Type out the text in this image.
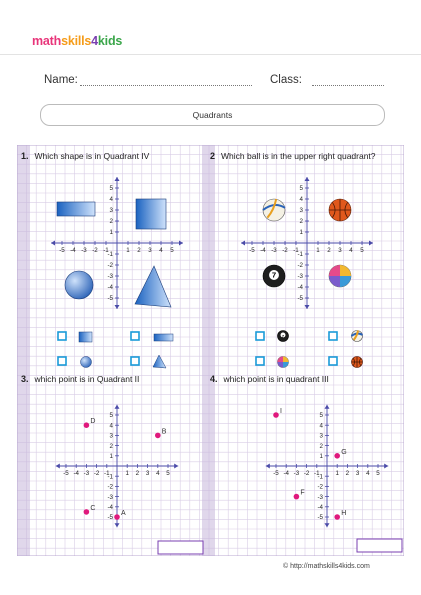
mathskills4kids
Name:	Class:
Quadrants
-5 -4 -3 -2 -1	1 2 3 4 5
5
4
3
2
1
-1
-2
-3
-4
-5
-5 -4 -3 -2 -1	1 2 3 4 5
5
4
3
2
1
-1
-2
-3
-4
-5
7
7
-5 -4 -3 -2 -1	1 2 3 4 5
5
4
3
2
1
-1
-2
-3
-4
-5
-5 -4 -3 -2 -1	1 2 3 4 5
5
4
3
2
1
-1
-2
-3
-4
-5
D
B
C
A
I
G
F
H
1. Which shape is in Quadrant IV	2 Which ball is in the upper right quadrant?
3. which point is in Quadrant II	4. which point is in quadrant III
© http://mathskills4kids.com
